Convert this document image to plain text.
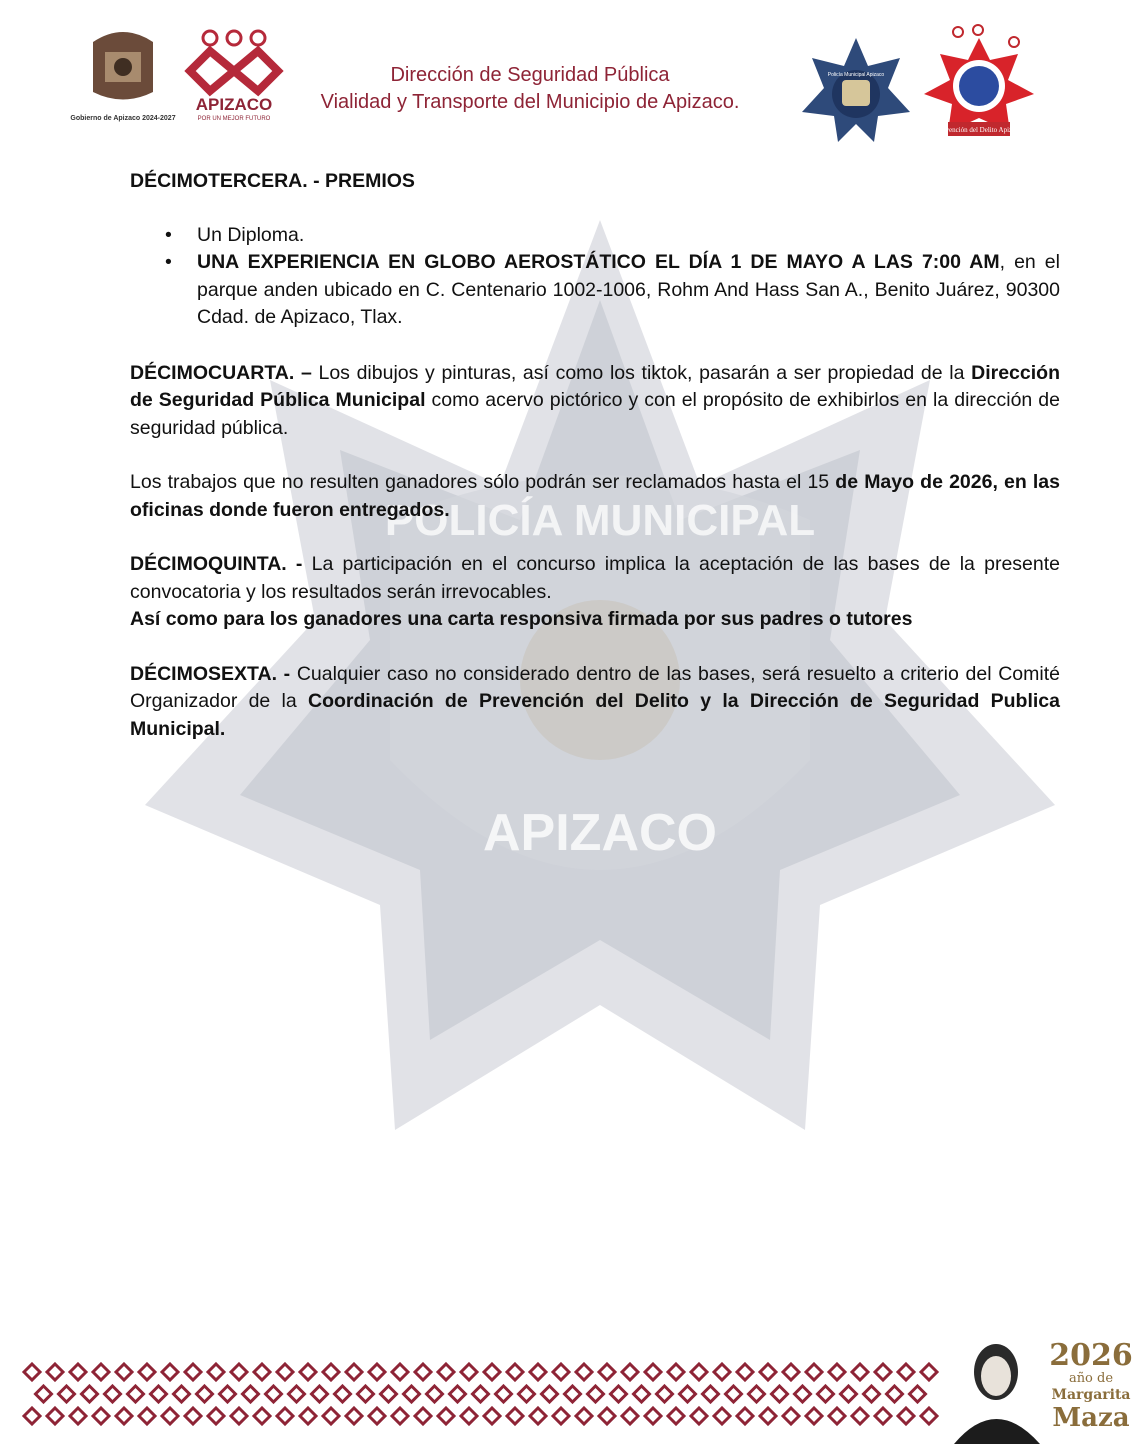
POLICÍA MUNICIPAL
APIZACO
Gobierno de Apizaco 2024-2027
APIZACO
POR UN MEJOR FUTURO
Dirección de Seguridad Pública
Vialidad y Transporte del Municipio de Apizaco.
Policía Municipal Apizaco
Prevención del Delito Apizaco

DÉCIMOTERCERA. - PREMIOS

• Un Diploma.
• UNA EXPERIENCIA EN GLOBO AEROSTÁTICO EL DÍA 1 DE MAYO A LAS 7:00 AM, en el parque anden ubicado en C. Centenario 1002-1006, Rohm And Hass San A., Benito Juárez, 90300 Cdad. de Apizaco, Tlax.

DÉCIMOCUARTA. – Los dibujos y pinturas, así como los tiktok, pasarán a ser propiedad de la Dirección de Seguridad Pública Municipal como acervo pictórico y con el propósito de exhibirlos en la dirección de seguridad pública.

Los trabajos que no resulten ganadores sólo podrán ser reclamados hasta el 15 de Mayo de 2026, en las oficinas donde fueron entregados.

DÉCIMOQUINTA. - La participación en el concurso implica la aceptación de las bases de la presente convocatoria y los resultados serán irrevocables.

Así como para los ganadores una carta responsiva firmada por sus padres o tutores

DÉCIMOSEXTA. - Cualquier caso no considerado dentro de las bases, será resuelto a criterio del Comité Organizador de la Coordinación de Prevención del Delito y la Dirección de Seguridad Publica Municipal.

2026
año de
Margarita
Maza
